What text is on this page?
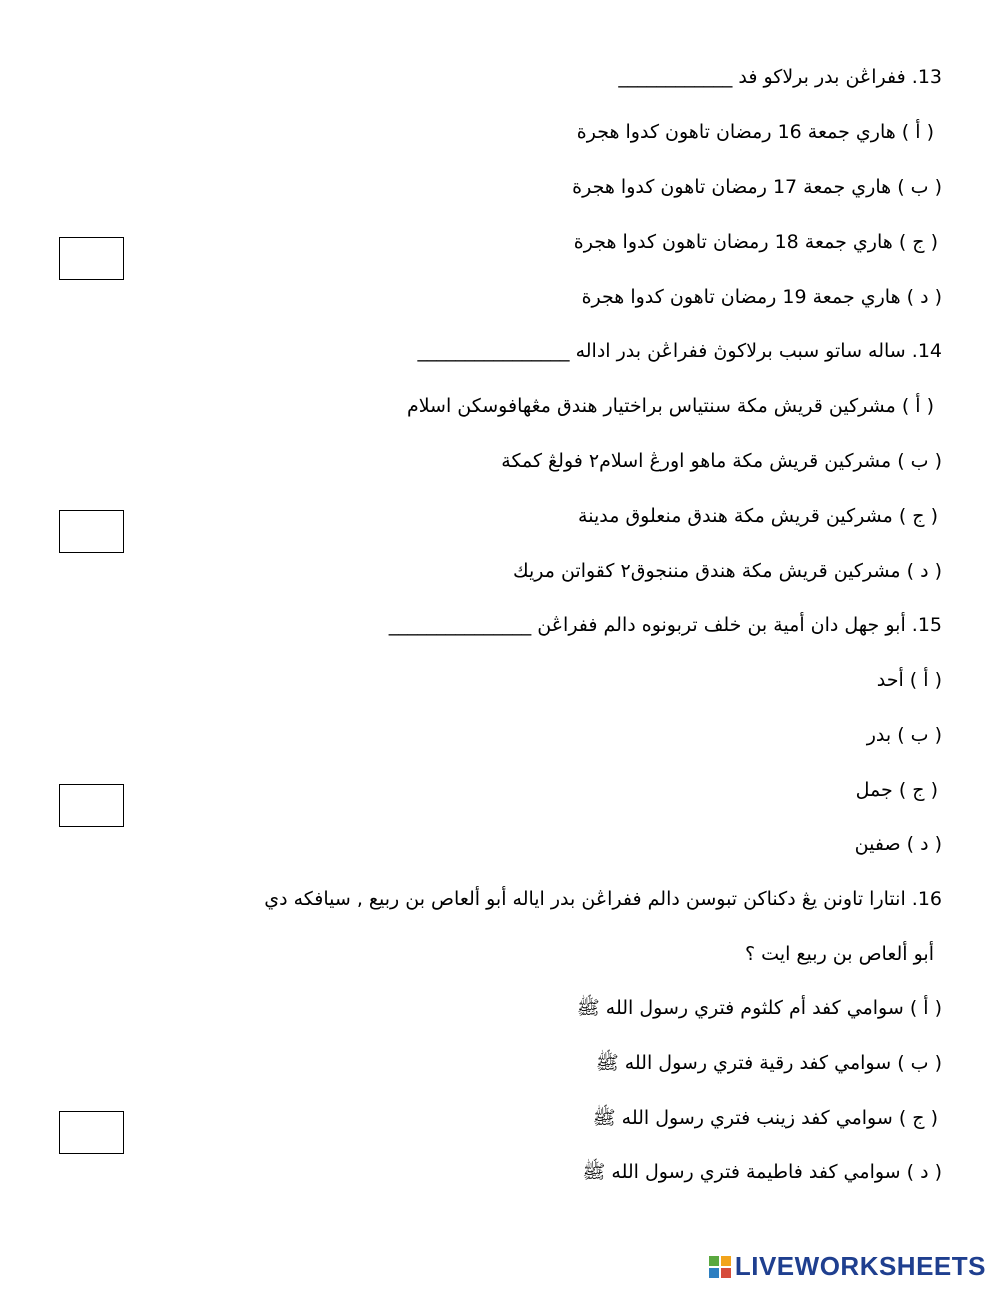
13. ففراڠن بدر برلاكو فد ____________
( أ ) هاري جمعة 16 رمضان تاهون كدوا هجرة
( ب ) هاري جمعة 17 رمضان تاهون كدوا هجرة
( ج ) هاري جمعة 18 رمضان تاهون كدوا هجرة
( د ) هاري جمعة 19 رمضان تاهون كدوا هجرة
14. ساله ساتو سبب برلاكوڽ ففراڠن بدر اداله ________________
( أ ) مشركين قريش مكة سنتياس براختيار هندق مڠهافوسكن اسلام
( ب ) مشركين قريش مكة ماهو اورڠ اسلام٢ فولڠ كمكة
( ج ) مشركين قريش مكة هندق منعلوق مدينة
( د ) مشركين قريش مكة هندق مننجوق٢ كقواتن مريك
15. أبو جهل دان أمية بن خلف تربونوه دالم ففراڠن _______________
( أ ) أحد
( ب ) بدر
( ج ) جمل
( د ) صفين
16. انتارا تاونن يڠ دكناكن تبوسن دالم ففراڠن بدر اياله أبو ألعاص بن ربيع , سيافكه دي
أبو ألعاص بن ربيع ايت ؟
( أ ) سوامي كفد أم كلثوم فتري رسول الله ﷺ
( ب ) سوامي كفد رقية فتري رسول الله ﷺ
( ج ) سوامي كفد زينب فتري رسول الله ﷺ
( د ) سوامي كفد فاطيمة فتري رسول الله ﷺ
LIVEWORKSHEETS
